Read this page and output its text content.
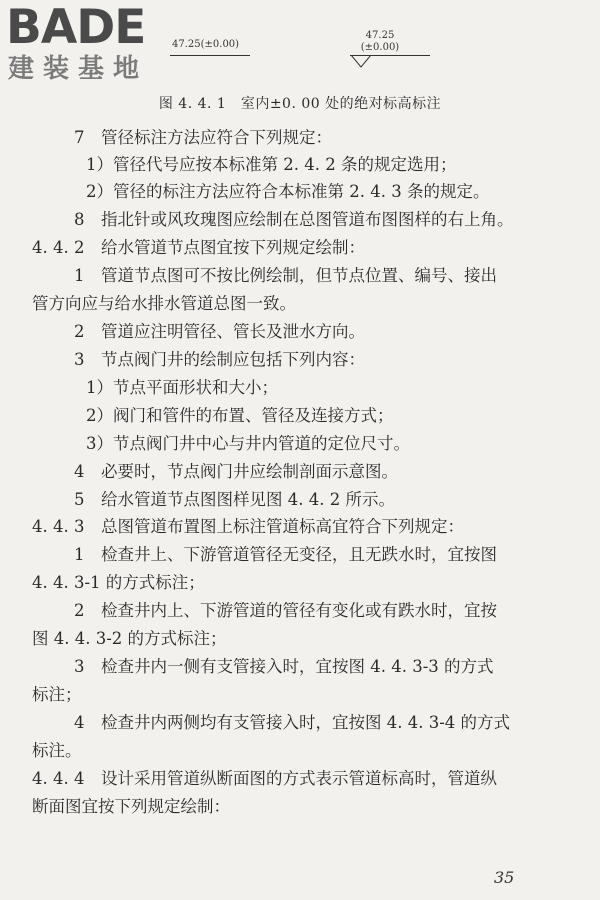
BADE
建装基地
47.25(±0.00)
47.25
(±0.00)
图 4. 4. 1　室内±0. 00 处的绝对标高标注
7　管径标注方法应符合下列规定：
1）管径代号应按本标准第 2. 4. 2 条的规定选用；
2）管径的标注方法应符合本标准第 2. 4. 3 条的规定。
8　指北针或风玫瑰图应绘制在总图管道布图图样的右上角。
4. 4. 2　给水管道节点图宜按下列规定绘制：
1　管道节点图可不按比例绘制，但节点位置、编号、接出
管方向应与给水排水管道总图一致。
2　管道应注明管径、管长及泄水方向。
3　节点阀门井的绘制应包括下列内容：
1）节点平面形状和大小；
2）阀门和管件的布置、管径及连接方式；
3）节点阀门井中心与井内管道的定位尺寸。
4　必要时，节点阀门井应绘制剖面示意图。
5　给水管道节点图图样见图 4. 4. 2 所示。
4. 4. 3　总图管道布置图上标注管道标高宜符合下列规定：
1　检查井上、下游管道管径无变径，且无跌水时，宜按图
4. 4. 3-1 的方式标注；
2　检查井内上、下游管道的管径有变化或有跌水时，宜按
图 4. 4. 3-2 的方式标注；
3　检查井内一侧有支管接入时，宜按图 4. 4. 3-3 的方式
标注；
4　检查井内两侧均有支管接入时，宜按图 4. 4. 3-4 的方式
标注。
4. 4. 4　设计采用管道纵断面图的方式表示管道标高时，管道纵
断面图宜按下列规定绘制：
35
